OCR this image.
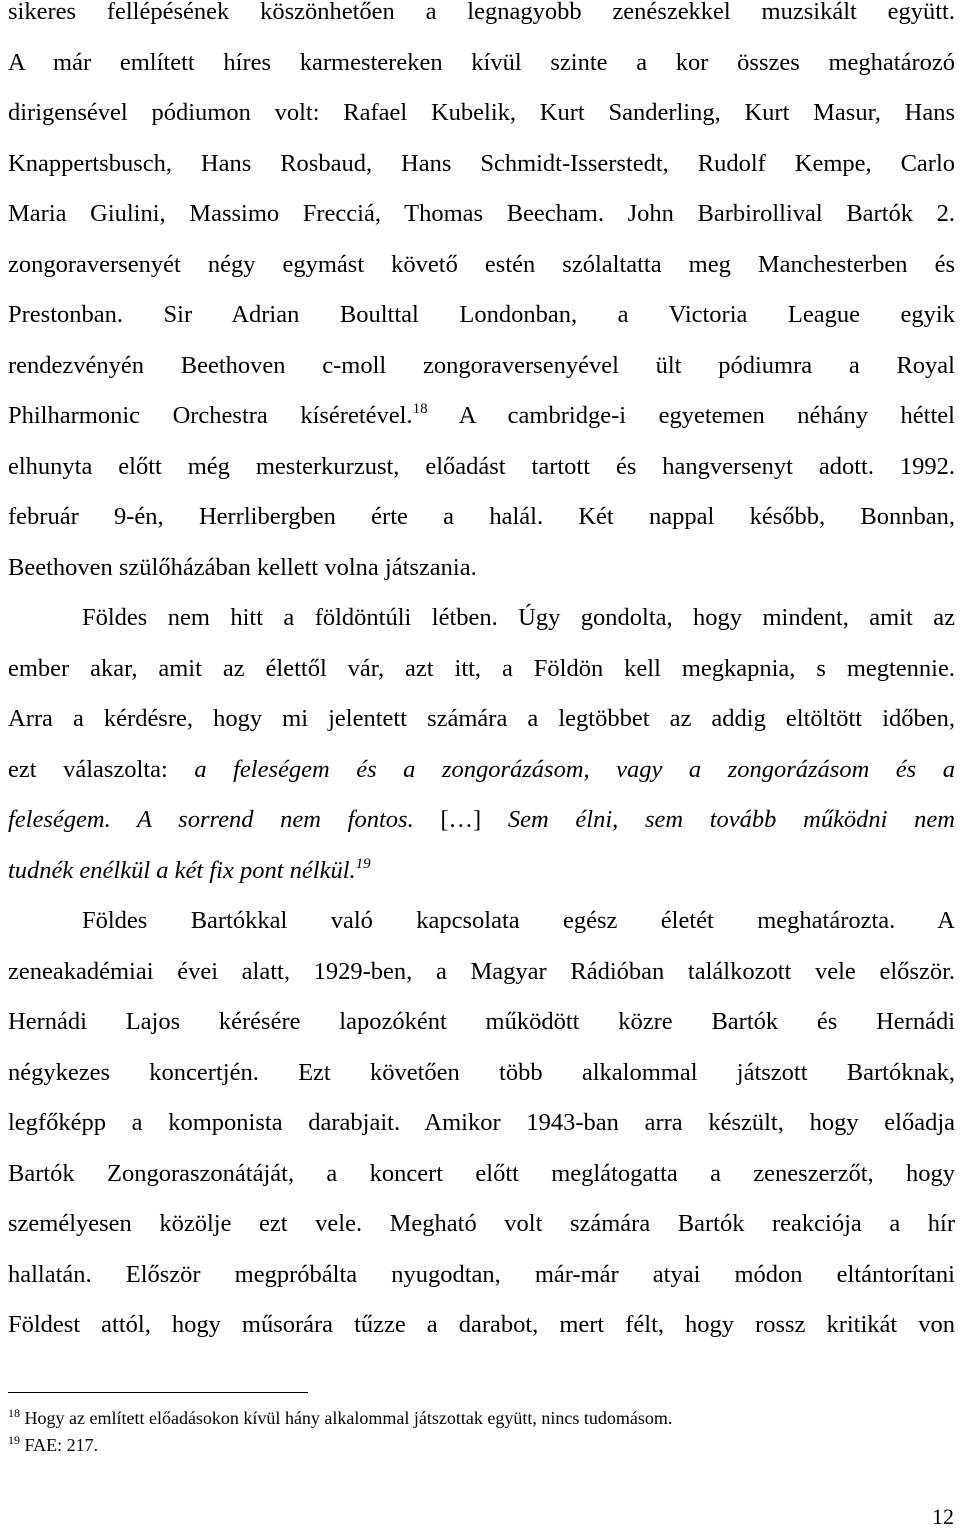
sikeres fellépésének köszönhetően a legnagyobb zenészekkel muzsikált együtt.
A már említett híres karmestereken kívül szinte a kor összes meghatározó
dirigensével pódiumon volt: Rafael Kubelik, Kurt Sanderling, Kurt Masur, Hans
Knappertsbusch, Hans Rosbaud, Hans Schmidt-Isserstedt, Rudolf Kempe, Carlo
Maria Giulini, Massimo Frecciá, Thomas Beecham. John Barbirollival Bartók 2.
zongoraversenyét négy egymást követő estén szólaltatta meg Manchesterben és
Prestonban. Sir Adrian Boulttal Londonban, a Victoria League egyik
rendezvényén Beethoven c-moll zongoraversenyével ült pódiumra a Royal
Philharmonic Orchestra kíséretével.$^{18}$ A cambridge-i egyetemen néhány héttel
elhunyta előtt még mesterkurzust, előadást tartott és hangversenyt adott. 1992.
február 9-én, Herrlibergben érte a halál. Két nappal később, Bonnban,
Beethoven szülőházában kellett volna játszania.
Földes nem hitt a földöntúli létben. Úgy gondolta, hogy mindent, amit az
ember akar, amit az élettől vár, azt itt, a Földön kell megkapnia, s megtennie.
Arra a kérdésre, hogy mi jelentett számára a legtöbbet az addig eltöltött időben,
ezt válaszolta: a feleségem és a zongorázásom, vagy a zongorázásom és a
feleségem. A sorrend nem fontos. […] Sem élni, sem tovább működni nem
tudnék enélkül a két fix pont nélkül.$^{19}$
Földes Bartókkal való kapcsolata egész életét meghatározta. A
zeneakadémiai évei alatt, 1929-ben, a Magyar Rádióban találkozott vele először.
Hernádi Lajos kérésére lapozóként működött közre Bartók és Hernádi
négykezes koncertjén. Ezt követően több alkalommal játszott Bartóknak,
legfőképp a komponista darabjait. Amikor 1943-ban arra készült, hogy előadja
Bartók Zongoraszonátáját, a koncert előtt meglátogatta a zeneszerzőt, hogy
személyesen közölje ezt vele. Megható volt számára Bartók reakciója a hír
hallatán. Először megpróbálta nyugodtan, már-már atyai módon eltántorítani
Földest attól, hogy műsorára tűzze a darabot, mert félt, hogy rossz kritikát von
$^{18}$ Hogy az említett előadásokon kívül hány alkalommal játszottak együtt, nincs tudomásom.
$^{19}$ FAE: 217.
12
